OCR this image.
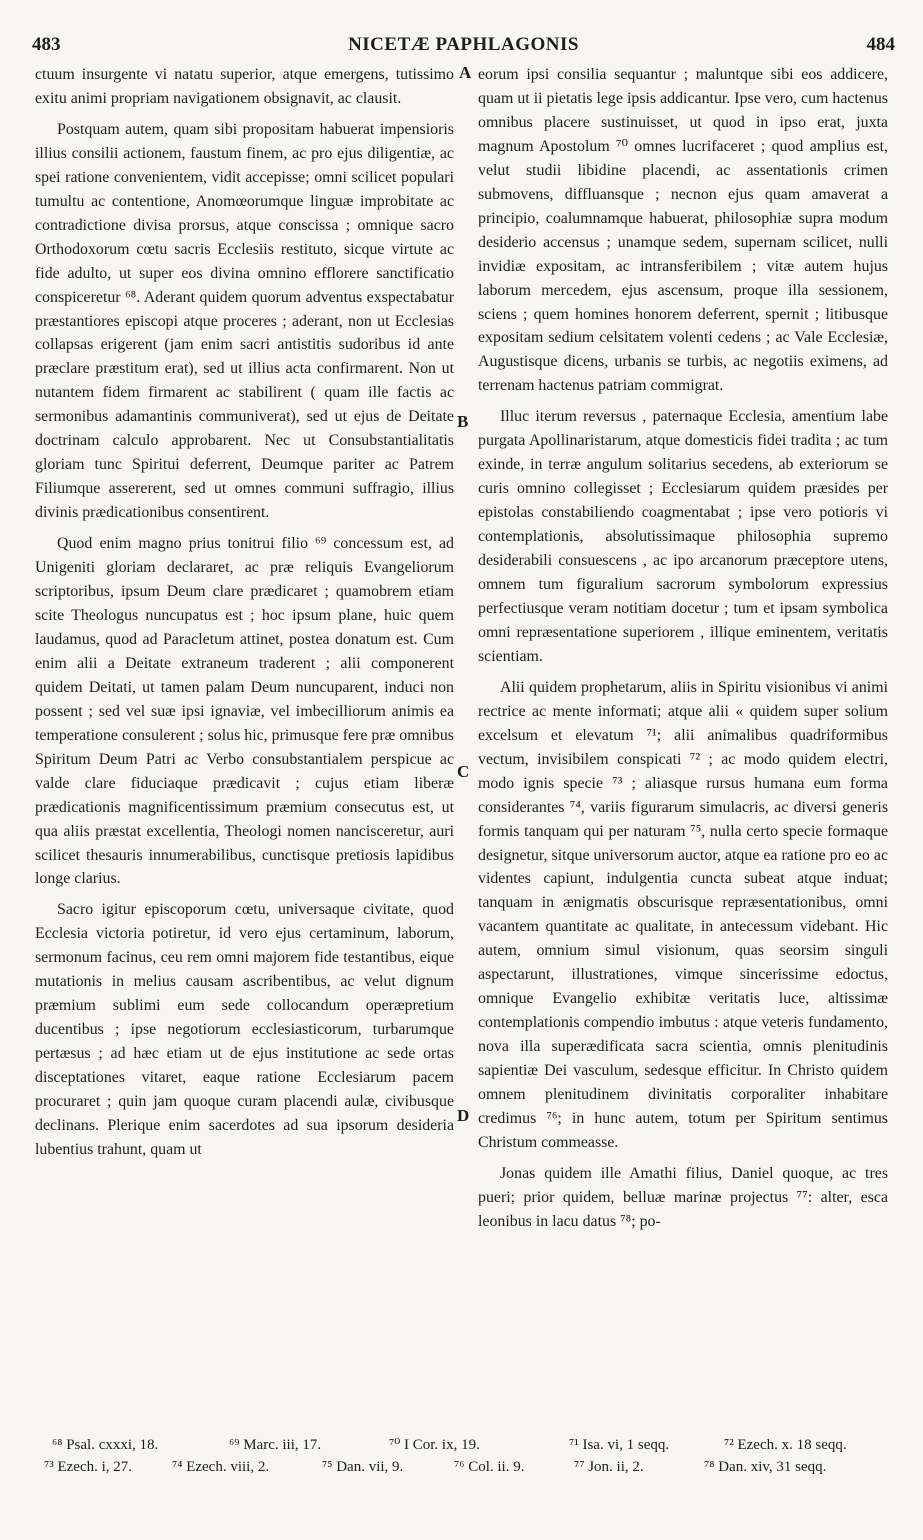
483	NICETÆ PAPHLAGONIS	484

ctuum insurgente vi natatu superior, atque emergens, tutissimo exitu animi propriam navigationem obsignavit, ac clausit.

Postquam autem, quam sibi propositam habuerat impensioris illius consilii actionem, faustum finem, ac pro ejus diligentiæ, ac spei ratione convenientem, vidit accepisse; omni scilicet populari tumultu ac contentione, Anomœorumque linguæ improbitate ac contradictione divisa prorsus, atque conscissa ; omnique sacro Orthodoxorum cœtu sacris Ecclesiis restituto, sicque virtute ac fide adulto, ut super eos divina omnino efflorere sanctificatio conspiceretur ⁶⁸. Aderant quidem quorum adventus exspectabatur præstantiores episcopi atque proceres ; aderant, non ut Ecclesias collapsas erigerent (jam enim sacri antistitis sudoribus id ante præclare præstitum erat), sed ut illius acta confirmarent. Non ut nutantem fidem firmarent ac stabilirent ( quam ille factis ac sermonibus adamantinis communiverat), sed ut ejus de Deitate doctrinam calculo approbarent. Nec ut Consubstantialitatis gloriam tunc Spiritui deferrent, Deumque pariter ac Patrem Filiumque assererent, sed ut omnes communi suffragio, illius divinis prædicationibus consentirent.

Quod enim magno prius tonitrui filio ⁶⁹ concessum est, ad Unigeniti gloriam declararet, ac præ reliquis Evangeliorum scriptoribus, ipsum Deum clare prædicaret ; quamobrem etiam scite Theologus nuncupatus est ; hoc ipsum plane, huic quem laudamus, quod ad Paracletum attinet, postea donatum est. Cum enim alii a Deitate extraneum traderent ; alii componerent quidem Deitati, ut tamen palam Deum nuncuparent, induci non possent ; sed vel suæ ipsi ignaviæ, vel imbecilliorum animis ea temperatione consulerent ; solus hic, primusque fere præ omnibus Spiritum Deum Patri ac Verbo consubstantialem perspicue ac valde clare fiduciaque prædicavit ; cujus etiam liberæ prædicationis magnificentissimum præmium consecutus est, ut qua aliis præstat excellentia, Theologi nomen nancisceretur, auri scilicet thesauris innumerabilibus, cunctisque pretiosis lapidibus longe clarius.

Sacro igitur episcoporum cœtu, universaque civitate, quod Ecclesia victoria potiretur, id vero ejus certaminum, laborum, sermonum facinus, ceu rem omni majorem fide testantibus, eique mutationis in melius causam ascribentibus, ac velut dignum præmium sublimi eum sede collocandum operæpretium ducentibus ; ipse negotiorum ecclesiasticorum, turbarumque pertæsus ; ad hæc etiam ut de ejus institutione ac sede ortas disceptationes vitaret, eaque ratione Ecclesiarum pacem procuraret ; quin jam quoque curam placendi aulæ, civibusque declinans. Plerique enim sacerdotes ad sua ipsorum desideria lubentius trahunt, quam ut

A
B
C
D

eorum ipsi consilia sequantur ; maluntque sibi eos addicere, quam ut ii pietatis lege ipsis addicantur. Ipse vero, cum hactenus omnibus placere sustinuisset, ut quod in ipso erat, juxta magnum Apostolum ⁷⁰ omnes lucrifaceret ; quod amplius est, velut studii libidine placendi, ac assentationis crimen submovens, diffluansque ; necnon ejus quam amaverat a principio, coalumnamque habuerat, philosophiæ supra modum desiderio accensus ; unamque sedem, supernam scilicet, nulli invidiæ expositam, ac intransferibilem ; vitæ autem hujus laborum mercedem, ejus ascensum, proque illa sessionem, sciens ; quem homines honorem deferrent, spernit ; litibusque expositam sedium celsitatem volenti cedens ; ac Vale Ecclesiæ, Augustisque dicens, urbanis se turbis, ac negotiis eximens, ad terrenam hactenus patriam commigrat.

Illuc iterum reversus , paternaque Ecclesia, amentium labe purgata Apollinaristarum, atque domesticis fidei tradita ; ac tum exinde, in terræ angulum solitarius secedens, ab exteriorum se curis omnino collegisset ; Ecclesiarum quidem præsides per epistolas constabiliendo coagmentabat ; ipse vero potioris vi contemplationis, absolutissimaque philosophia supremo desiderabili consuescens , ac ipo arcanorum præceptore utens, omnem tum figuralium sacrorum symbolorum expressius perfectiusque veram notitiam docetur ; tum et ipsam symbolica omni repræsentatione superiorem , illique eminentem, veritatis scientiam.

Alii quidem prophetarum, aliis in Spiritu visionibus vi animi rectrice ac mente informati; atque alii « quidem super solium excelsum et elevatum ⁷¹; alii animalibus quadriformibus vectum, invisibilem conspicati ⁷² ; ac modo quidem electri, modo ignis specie ⁷³ ; aliasque rursus humana eum forma considerantes ⁷⁴, variis figurarum simulacris, ac diversi generis formis tanquam qui per naturam ⁷⁵, nulla certo specie formaque designetur, sitque universorum auctor, atque ea ratione pro eo ac videntes capiunt, indulgentia cuncta subeat atque induat; tanquam in ænigmatis obscurisque repræsentationibus, omni vacantem quantitate ac qualitate, in antecessum videbant. Hic autem, omnium simul visionum, quas seorsim singuli aspectarunt, illustrationes, vimque sincerissime edoctus, omnique Evangelio exhibitæ veritatis luce, altissimæ contemplationis compendio imbutus : atque veteris fundamento, nova illa superædificata sacra scientia, omnis plenitudinis sapientiæ Dei vasculum, sedesque efficitur. In Christo quidem omnem plenitudinem divinitatis corporaliter inhabitare credimus ⁷⁶; in hunc autem, totum per Spiritum sentimus Christum commeasse.

Jonas quidem ille Amathi filius, Daniel quoque, ac tres pueri; prior quidem, belluæ marinæ projectus ⁷⁷: alter, esca leonibus in lacu datus ⁷⁸; po-

⁶⁸ Psal. cxxxi, 18.	⁶⁹ Marc. iii, 17.	⁷⁰ I Cor. ix, 19.	⁷¹ Isa. vi, 1 seqq.	⁷² Ezech. x. 18 seqq.
⁷³ Ezech. i, 27.	⁷⁴ Ezech. viii, 2.	⁷⁵ Dan. vii, 9.	⁷⁶ Col. ii. 9.	⁷⁷ Jon. ii, 2.	⁷⁸ Dan. xiv, 31 seqq.
